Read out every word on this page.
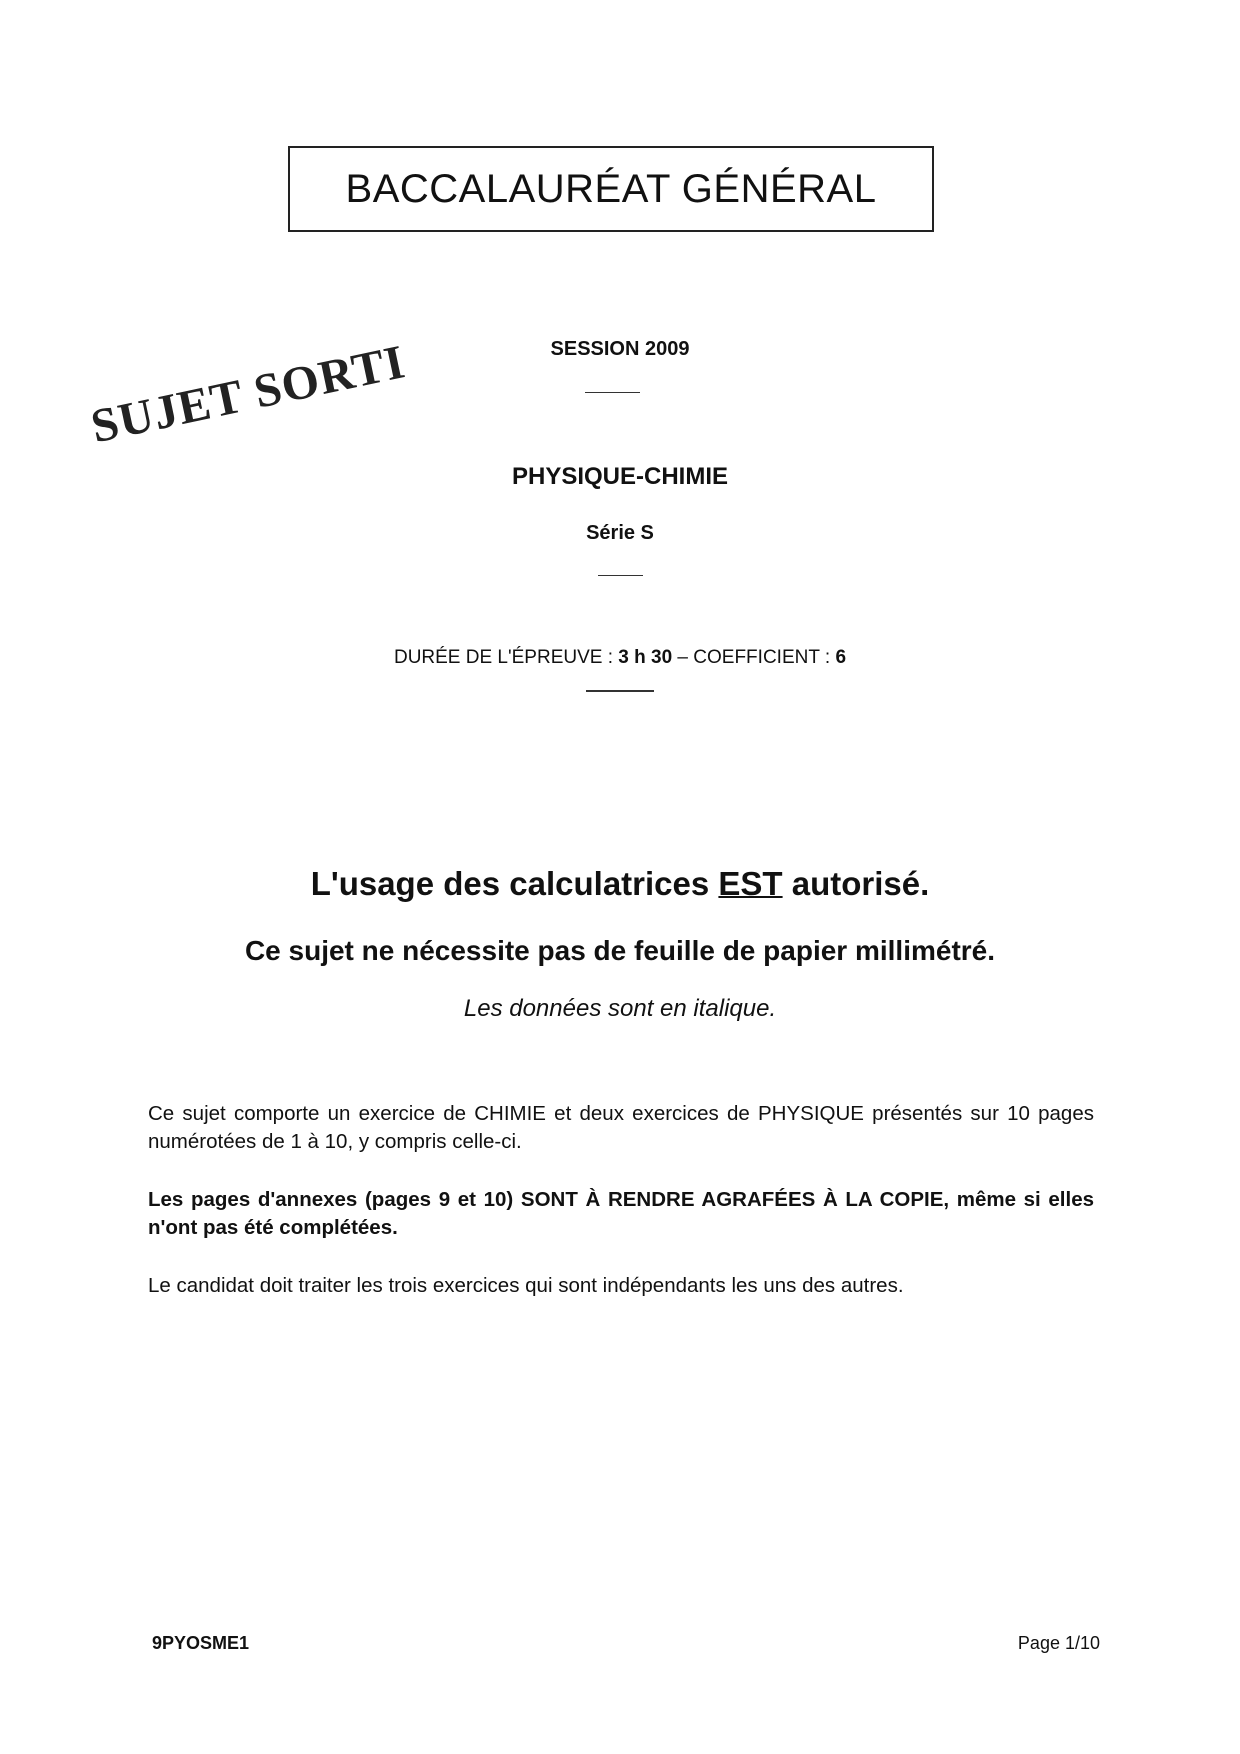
BACCALAURÉAT GÉNÉRAL
SESSION 2009
SUJET SORTI
PHYSIQUE-CHIMIE
Série S
DURÉE DE L'ÉPREUVE : 3 h 30 – COEFFICIENT : 6
L'usage des calculatrices EST autorisé.
Ce sujet ne nécessite pas de feuille de papier millimétré.
Les données sont en italique.
Ce sujet comporte un exercice de CHIMIE et deux exercices de PHYSIQUE présentés sur 10 pages numérotées de 1 à 10, y compris celle-ci.
Les pages d'annexes (pages 9 et 10) SONT À RENDRE AGRAFÉES À LA COPIE, même si elles n'ont pas été complétées.
Le candidat doit traiter les trois exercices qui sont indépendants les uns des autres.
9PYOSME1	Page 1/10
